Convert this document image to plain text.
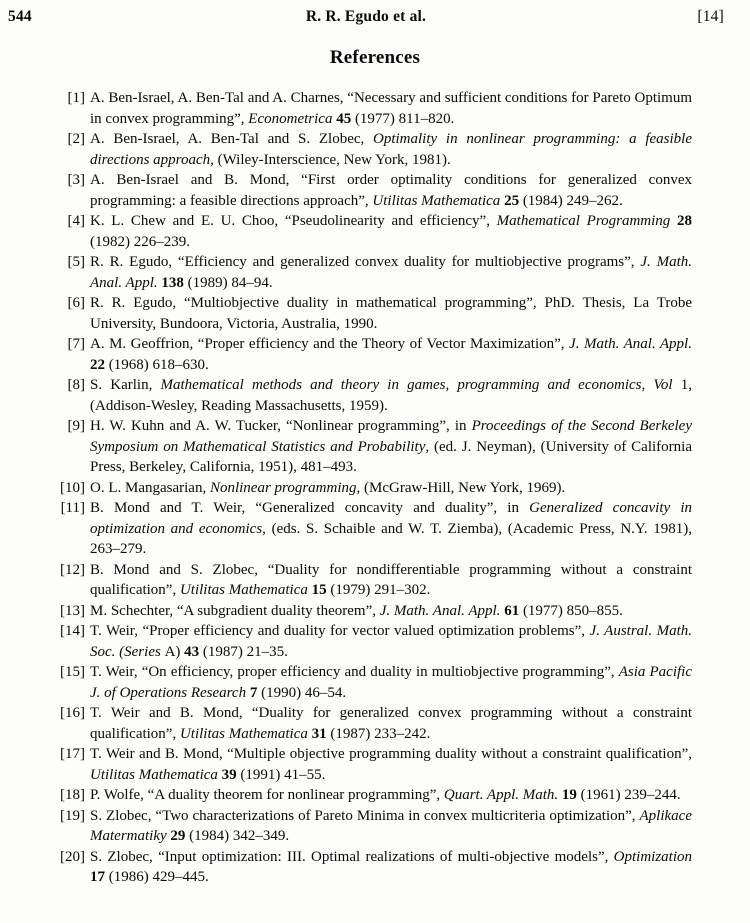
544	R. R. Egudo et al.	[14]
References
[1] A. Ben-Israel, A. Ben-Tal and A. Charnes, “Necessary and sufficient conditions for Pareto Optimum in convex programming”, Econometrica 45 (1977) 811–820.
[2] A. Ben-Israel, A. Ben-Tal and S. Zlobec, Optimality in nonlinear programming: a feasible directions approach, (Wiley-Interscience, New York, 1981).
[3] A. Ben-Israel and B. Mond, “First order optimality conditions for generalized convex programming: a feasible directions approach”, Utilitas Mathematica 25 (1984) 249–262.
[4] K. L. Chew and E. U. Choo, “Pseudolinearity and efficiency”, Mathematical Programming 28 (1982) 226–239.
[5] R. R. Egudo, “Efficiency and generalized convex duality for multiobjective programs”, J. Math. Anal. Appl. 138 (1989) 84–94.
[6] R. R. Egudo, “Multiobjective duality in mathematical programming”, PhD. Thesis, La Trobe University, Bundoora, Victoria, Australia, 1990.
[7] A. M. Geoffrion, “Proper efficiency and the Theory of Vector Maximization”, J. Math. Anal. Appl. 22 (1968) 618–630.
[8] S. Karlin, Mathematical methods and theory in games, programming and economics, Vol 1, (Addison-Wesley, Reading Massachusetts, 1959).
[9] H. W. Kuhn and A. W. Tucker, “Nonlinear programming”, in Proceedings of the Second Berkeley Symposium on Mathematical Statistics and Probability, (ed. J. Neyman), (University of California Press, Berkeley, California, 1951), 481–493.
[10] O. L. Mangasarian, Nonlinear programming, (McGraw-Hill, New York, 1969).
[11] B. Mond and T. Weir, “Generalized concavity and duality”, in Generalized concavity in optimization and economics, (eds. S. Schaible and W. T. Ziemba), (Academic Press, N.Y. 1981), 263–279.
[12] B. Mond and S. Zlobec, “Duality for nondifferentiable programming without a constraint qualification”, Utilitas Mathematica 15 (1979) 291–302.
[13] M. Schechter, “A subgradient duality theorem”, J. Math. Anal. Appl. 61 (1977) 850–855.
[14] T. Weir, “Proper efficiency and duality for vector valued optimization problems”, J. Austral. Math. Soc. (Series A) 43 (1987) 21–35.
[15] T. Weir, “On efficiency, proper efficiency and duality in multiobjective programming”, Asia Pacific J. of Operations Research 7 (1990) 46–54.
[16] T. Weir and B. Mond, “Duality for generalized convex programming without a constraint qualification”, Utilitas Mathematica 31 (1987) 233–242.
[17] T. Weir and B. Mond, “Multiple objective programming duality without a constraint qualification”, Utilitas Mathematica 39 (1991) 41–55.
[18] P. Wolfe, “A duality theorem for nonlinear programming”, Quart. Appl. Math. 19 (1961) 239–244.
[19] S. Zlobec, “Two characterizations of Pareto Minima in convex multicriteria optimization”, Aplikace Matermatiky 29 (1984) 342–349.
[20] S. Zlobec, “Input optimization: III. Optimal realizations of multi-objective models”, Optimization 17 (1986) 429–445.
